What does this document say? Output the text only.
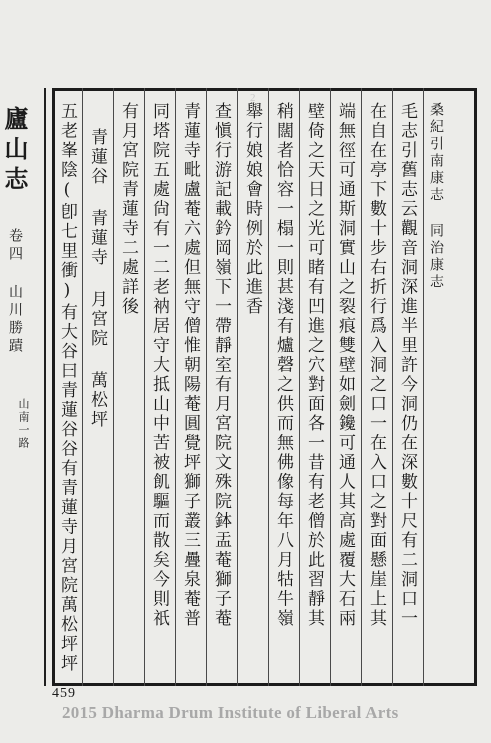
廬山志
卷四 山川勝蹟
桑紀引南康志 同治康志
毛志引舊志云觀音洞深進半里許今洞仍在深數十尺有二洞口一
在自在亭下數十步右折行爲入洞之口一在入口之對面懸崖上其
端無徑可通斯洞實山之裂痕雙壁如劍鑱可通人其高處覆大石兩
壁倚之天日之光可睹有凹進之穴對面各一昔有老僧於此習靜其
稍闊者恰容一榻一則甚淺有爐磬之供而無佛像每年八月牯牛嶺
舉行娘娘會時例於此進香
查愼行游記載鈐岡嶺下一帶靜室有月宮院文殊院鉢盂菴獅子菴
青蓮寺毗盧菴六處但無守僧惟朝陽菴圓覺坪獅子叢三疊泉菴普
同塔院五處尙有一二老衲居守大抵山中苦被飢驅而散矣今則祇
有月宮院青蓮寺二處詳後
青蓮谷 青蓮寺 月宮院 萬松坪
五老峯陰(卽七里衝)有大谷曰青蓮谷谷有青蓮寺月宮院萬松坪坪
山南一路
2
459
2015 Dharma Drum Institute of Liberal Arts
